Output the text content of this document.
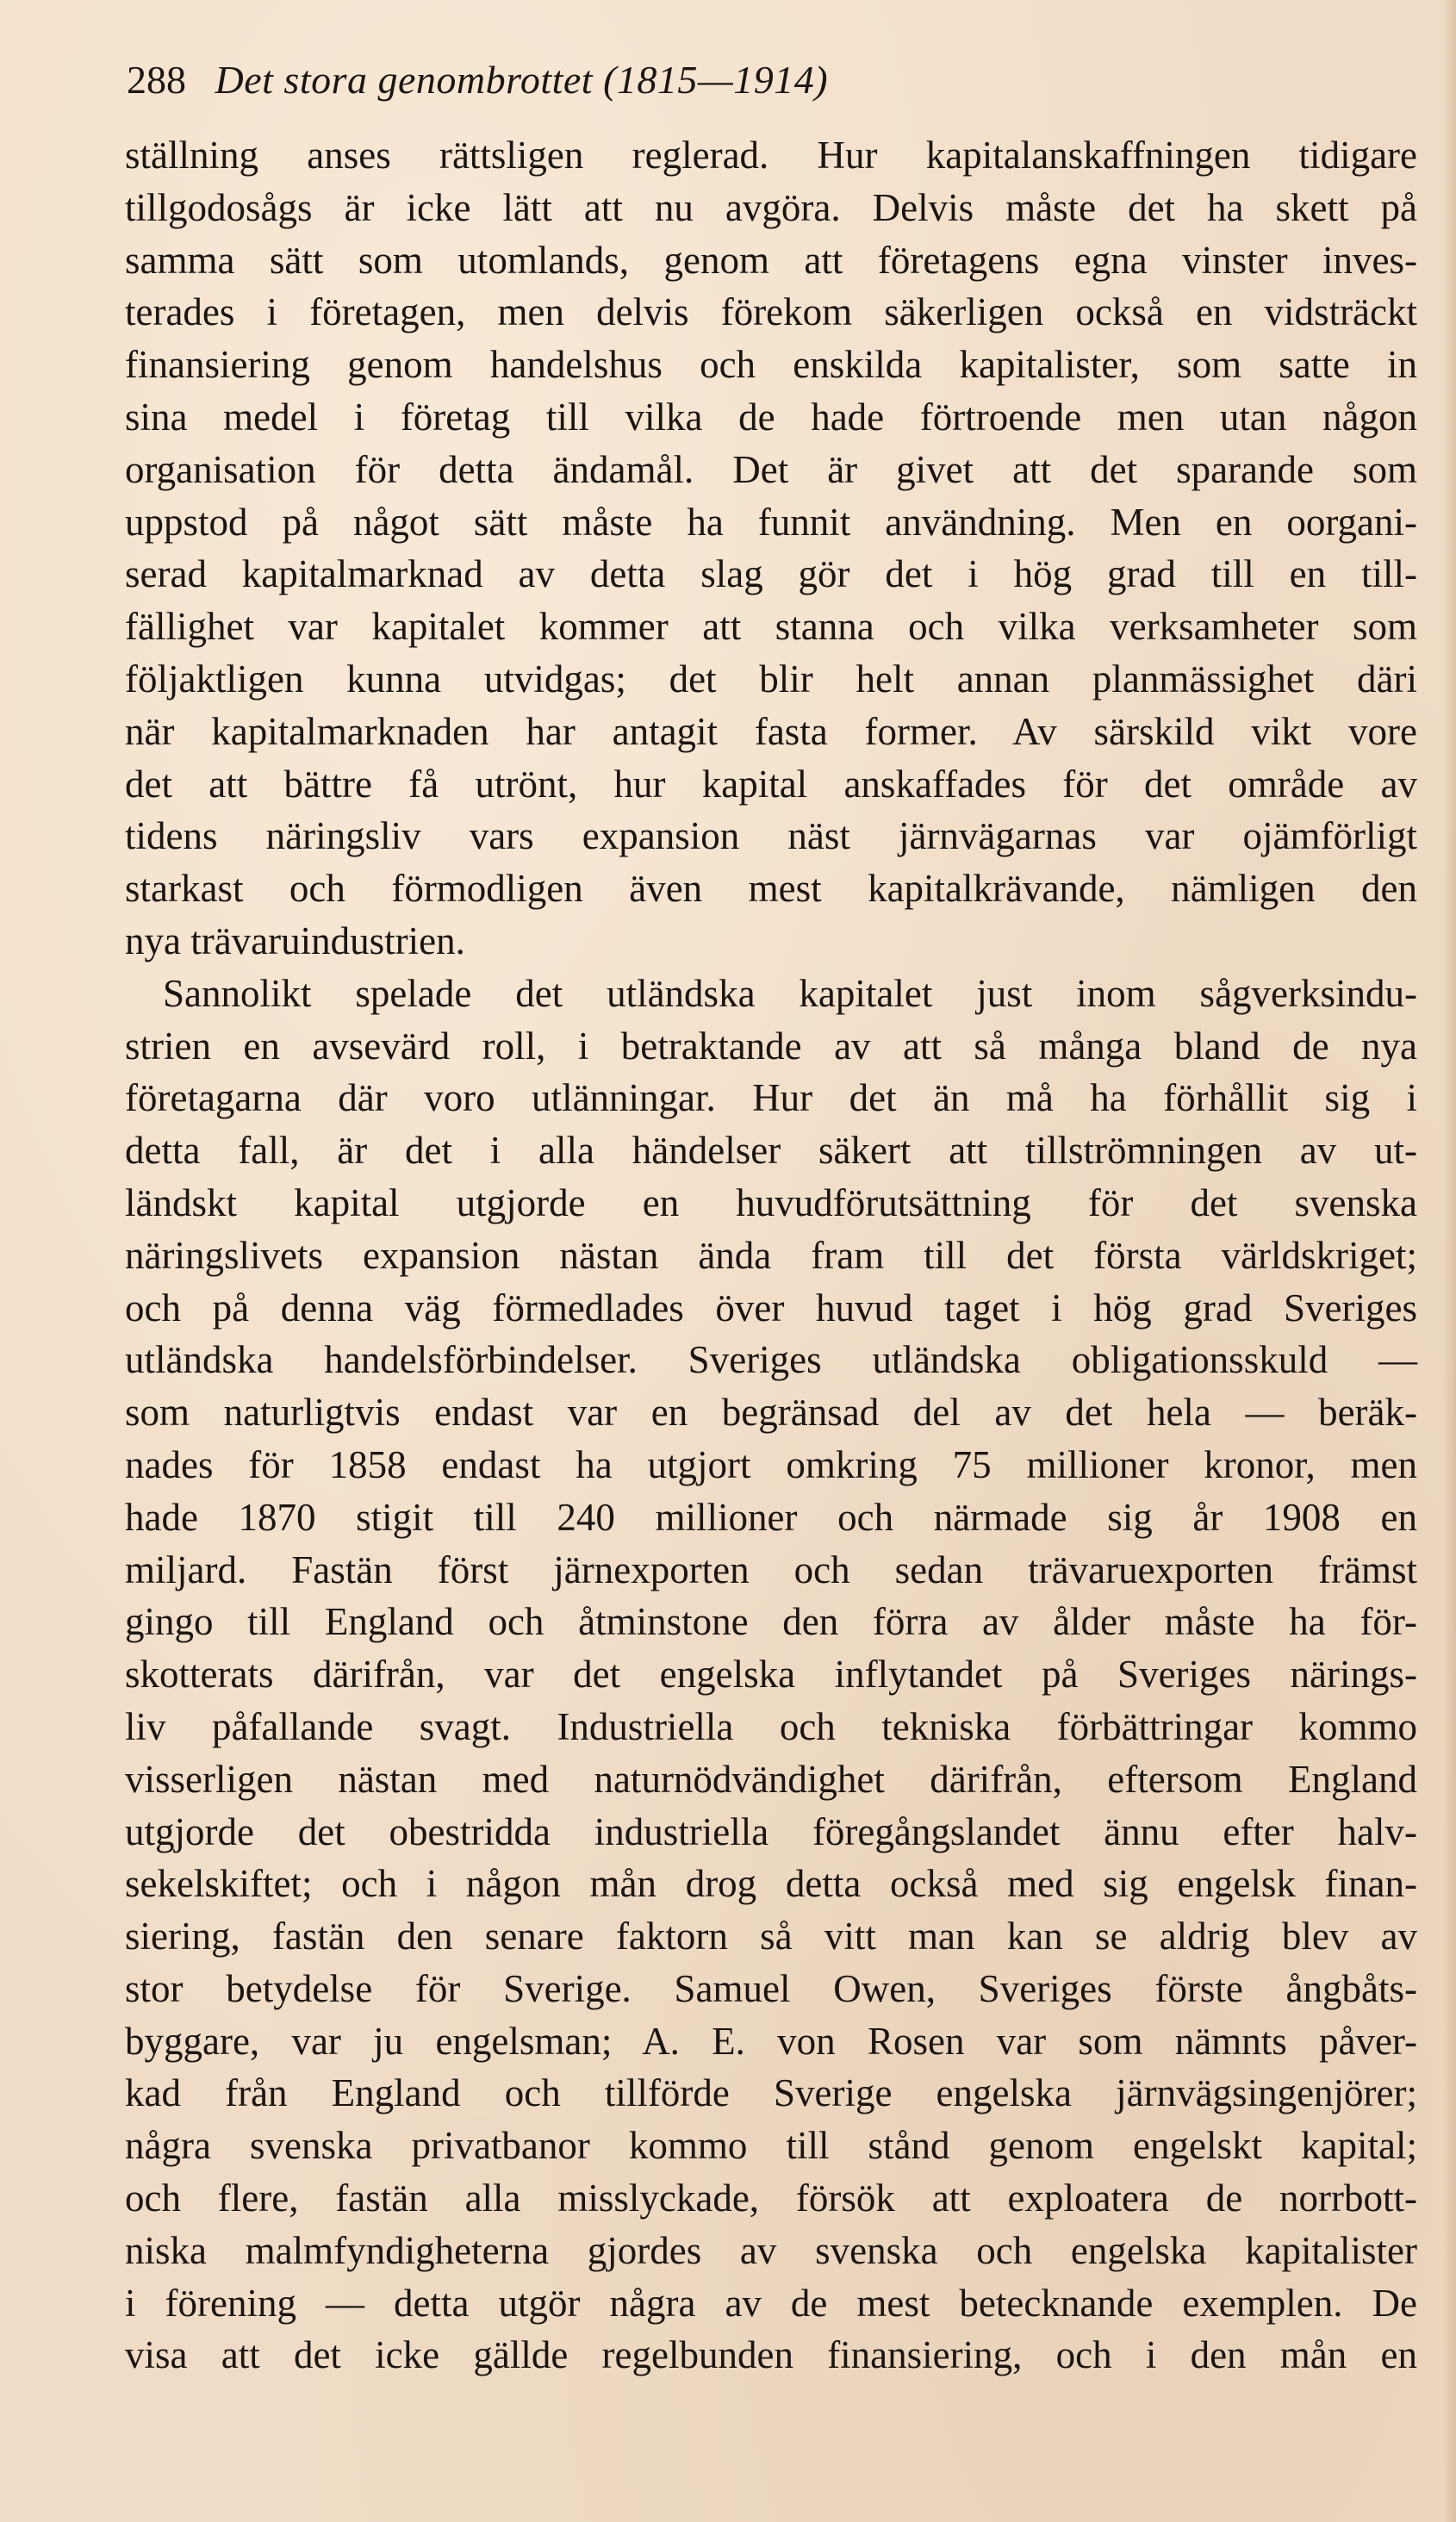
288 Det stora genombrottet (1815—1914)
ställning anses rättsligen reglerad. Hur kapitalanskaffningen tidigare
tillgodosågs är icke lätt att nu avgöra. Delvis måste det ha skett på
samma sätt som utomlands, genom att företagens egna vinster inves-
terades i företagen, men delvis förekom säkerligen också en vidsträckt
finansiering genom handelshus och enskilda kapitalister, som satte in
sina medel i företag till vilka de hade förtroende men utan någon
organisation för detta ändamål. Det är givet att det sparande som
uppstod på något sätt måste ha funnit användning. Men en oorgani-
serad kapitalmarknad av detta slag gör det i hög grad till en till-
fällighet var kapitalet kommer att stanna och vilka verksamheter som
följaktligen kunna utvidgas; det blir helt annan planmässighet däri
när kapitalmarknaden har antagit fasta former. Av särskild vikt vore
det att bättre få utrönt, hur kapital anskaffades för det område av
tidens näringsliv vars expansion näst järnvägarnas var ojämförligt
starkast och förmodligen även mest kapitalkrävande, nämligen den
nya trävaruindustrien.
Sannolikt spelade det utländska kapitalet just inom sågverksindu-
strien en avsevärd roll, i betraktande av att så många bland de nya
företagarna där voro utlänningar. Hur det än må ha förhållit sig i
detta fall, är det i alla händelser säkert att tillströmningen av ut-
ländskt kapital utgjorde en huvudförutsättning för det svenska
näringslivets expansion nästan ända fram till det första världskriget;
och på denna väg förmedlades över huvud taget i hög grad Sveriges
utländska handelsförbindelser. Sveriges utländska obligationsskuld —
som naturligtvis endast var en begränsad del av det hela — beräk-
nades för 1858 endast ha utgjort omkring 75 millioner kronor, men
hade 1870 stigit till 240 millioner och närmade sig år 1908 en
miljard. Fastän först järnexporten och sedan trävaruexporten främst
gingo till England och åtminstone den förra av ålder måste ha för-
skotterats därifrån, var det engelska inflytandet på Sveriges närings-
liv påfallande svagt. Industriella och tekniska förbättringar kommo
visserligen nästan med naturnödvändighet därifrån, eftersom England
utgjorde det obestridda industriella föregångslandet ännu efter halv-
sekelskiftet; och i någon mån drog detta också med sig engelsk finan-
siering, fastän den senare faktorn så vitt man kan se aldrig blev av
stor betydelse för Sverige. Samuel Owen, Sveriges förste ångbåts-
byggare, var ju engelsman; A. E. von Rosen var som nämnts påver-
kad från England och tillförde Sverige engelska järnvägsingenjörer;
några svenska privatbanor kommo till stånd genom engelskt kapital;
och flere, fastän alla misslyckade, försök att exploatera de norrbott-
niska malmfyndigheterna gjordes av svenska och engelska kapitalister
i förening — detta utgör några av de mest betecknande exemplen. De
visa att det icke gällde regelbunden finansiering, och i den mån en
